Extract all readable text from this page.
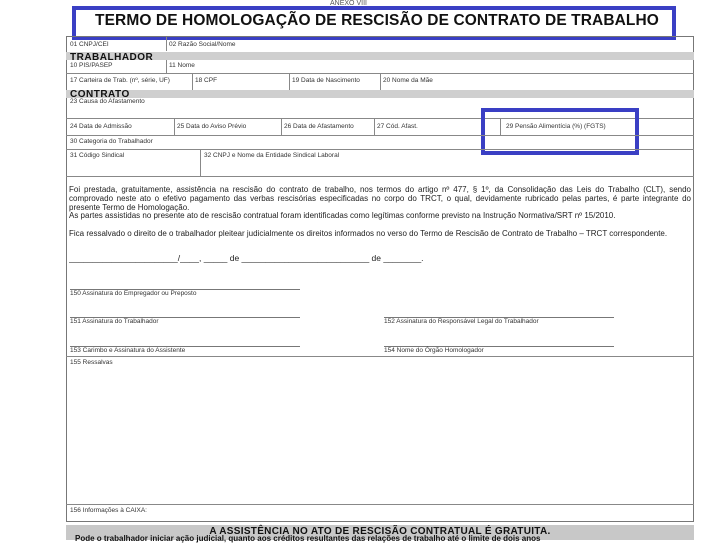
ANEXO VIII
TERMO DE HOMOLOGAÇÃO DE RESCISÃO DE CONTRATO DE TRABALHO
01 CNPJ/CEI	02 Razão Social/Nome
TRABALHADOR
10 PIS/PASEP	11 Nome
17 Carteira de Trab. (nº, série, UF)	18 CPF	19 Data de Nascimento	20 Nome da Mãe
CONTRATO
23 Causa do Afastamento
24 Data de Admissão	25 Data do Aviso Prévio	26 Data de Afastamento	27 Cód. Afast.	29 Pensão Alimentícia (%) (FGTS)
30 Categoria do Trabalhador
31 Código Sindical	32 CNPJ e Nome da Entidade Sindical Laboral
Foi prestada, gratuitamente, assistência na rescisão do contrato de trabalho, nos termos do artigo nº 477, § 1º, da Consolidação das Leis do Trabalho (CLT), sendo comprovado neste ato o efetivo pagamento das verbas rescisórias especificadas no corpo do TRCT, o qual, devidamente rubricado pelas partes, é parte integrante do presente Termo de Homologação.
As partes assistidas no presente ato de rescisão contratual foram identificadas como legítimas conforme previsto na Instrução Normativa/SRT nº 15/2010.
Fica ressalvado o direito de o trabalhador pleitear judicialmente os direitos informados no verso do Termo de Rescisão de Contrato de Trabalho – TRCT correspondente.
_______________________/____, _____ de ___________________________ de ________.
150 Assinatura do Empregador ou Preposto
151 Assinatura do Trabalhador	152 Assinatura do Responsável Legal do Trabalhador
153 Carimbo e Assinatura do Assistente	154 Nome do Órgão Homologador
155 Ressalvas
156 Informações à CAIXA:
A ASSISTÊNCIA NO ATO DE RESCISÃO CONTRATUAL É GRATUITA.
Pode o trabalhador iniciar ação judicial, quanto aos créditos resultantes das relações de trabalho até o limite de dois anos
